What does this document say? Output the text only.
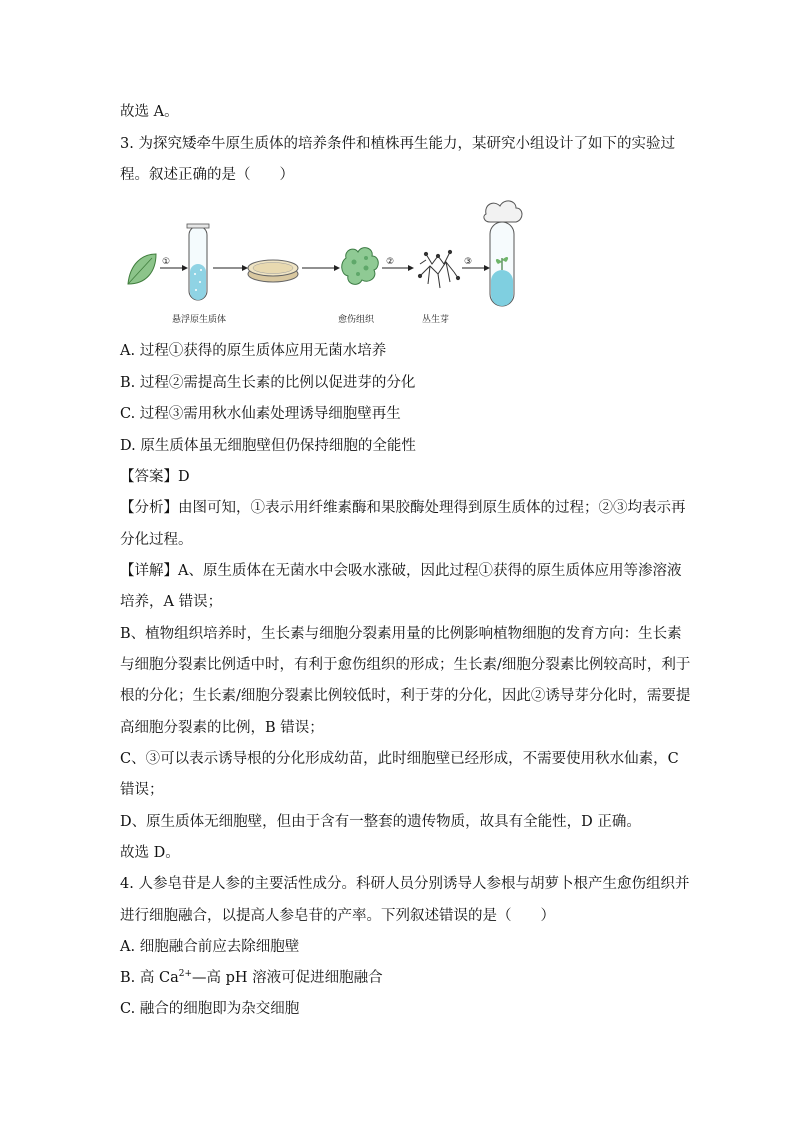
故选 A。
3. 为探究矮牵牛原生质体的培养条件和植株再生能力，某研究小组设计了如下的实验过
程。叙述正确的是（　　）
①
悬浮原生质体	愈伤组织
②
丛生芽
③
A. 过程①获得的原生质体应用无菌水培养
B. 过程②需提高生长素的比例以促进芽的分化
C. 过程③需用秋水仙素处理诱导细胞壁再生
D. 原生质体虽无细胞壁但仍保持细胞的全能性
【答案】D
【分析】由图可知，①表示用纤维素酶和果胶酶处理得到原生质体的过程；②③均表示再
分化过程。
【详解】A、原生质体在无菌水中会吸水涨破，因此过程①获得的原生质体应用等渗溶液
培养，A 错误；
B、植物组织培养时，生长素与细胞分裂素用量的比例影响植物细胞的发育方向：生长素
与细胞分裂素比例适中时，有利于愈伤组织的形成；生长素/细胞分裂素比例较高时，利于
根的分化；生长素/细胞分裂素比例较低时，利于芽的分化，因此②诱导芽分化时，需要提
高细胞分裂素的比例，B 错误；
C、③可以表示诱导根的分化形成幼苗，此时细胞壁已经形成，不需要使用秋水仙素，C
错误；
D、原生质体无细胞壁，但由于含有一整套的遗传物质，故具有全能性，D 正确。
故选 D。
4. 人参皂苷是人参的主要活性成分。科研人员分别诱导人参根与胡萝卜根产生愈伤组织并
进行细胞融合，以提高人参皂苷的产率。下列叙述错误的是（　　）
A. 细胞融合前应去除细胞壁
B. 高 $Ca^{2+}—$高 pH 溶液可促进细胞融合
C. 融合的细胞即为杂交细胞
